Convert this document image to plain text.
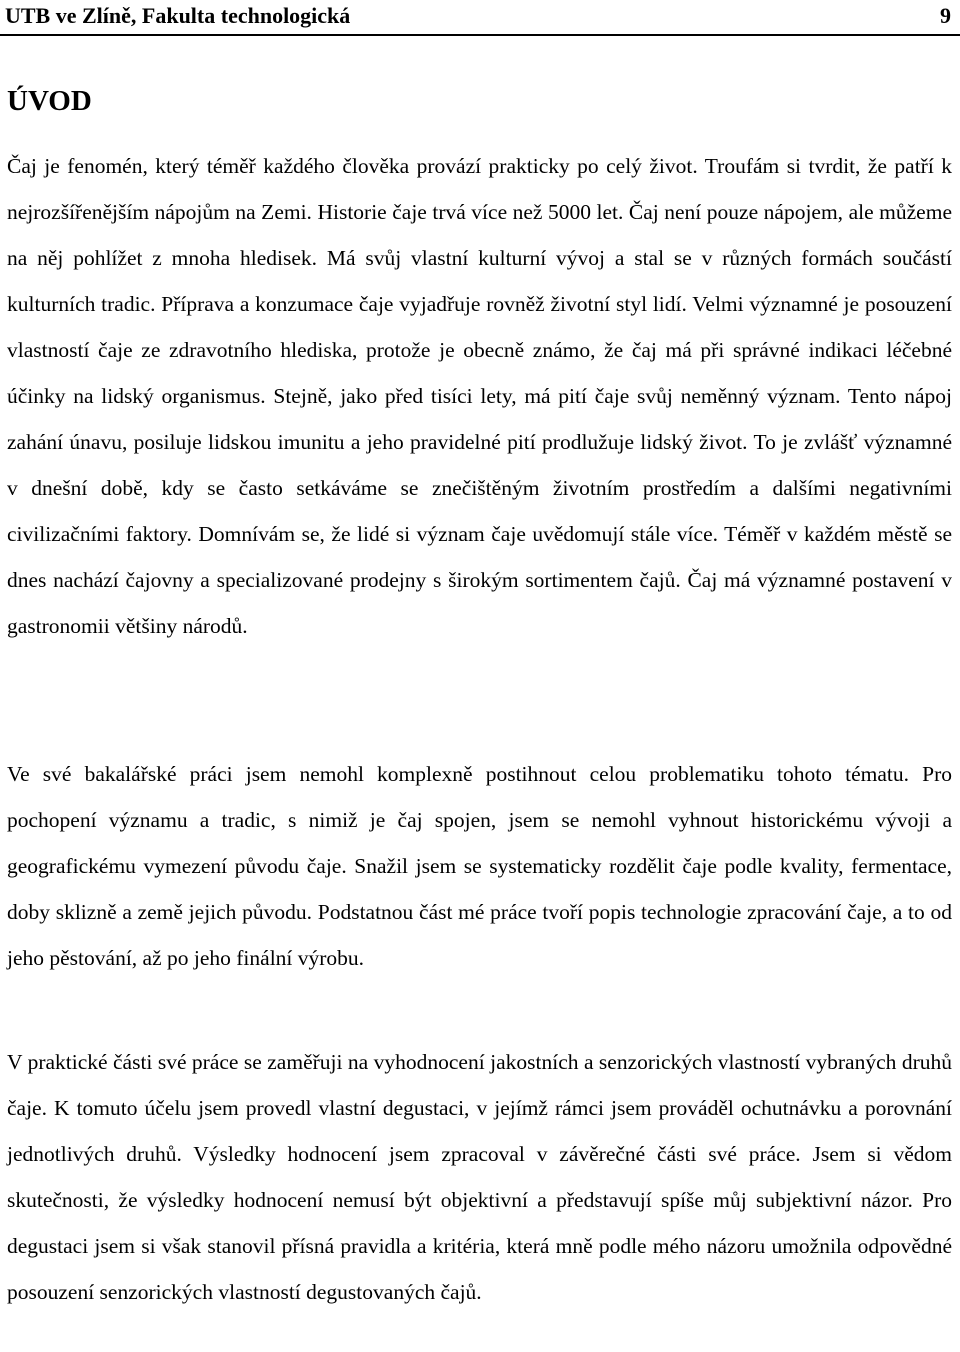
UTB ve Zlíně, Fakulta technologická	9
ÚVOD

Čaj je fenomén, který téměř každého člověka provází prakticky po celý život. Troufám si tvrdit, že patří k nejrozšířenějším nápojům na Zemi. Historie čaje trvá více než 5000 let. Čaj není pouze nápojem, ale můžeme na něj pohlížet z mnoha hledisek. Má svůj vlastní kulturní vývoj a stal se v různých formách součástí kulturních tradic. Příprava a konzumace čaje vyjadřuje rovněž životní styl lidí. Velmi významné je posouzení vlastností čaje ze zdravotního hlediska, protože je obecně známo, že čaj má při správné indikaci léčebné účinky na lidský organismus. Stejně, jako před tisíci lety, má pití čaje svůj neměnný význam. Tento nápoj zahání únavu, posiluje lidskou imunitu a jeho pravidelné pití prodlužuje lidský život. To je zvlášť významné v dnešní době, kdy se často setkáváme se znečištěným životním prostředím a dalšími negativními civilizačními faktory. Domnívám se, že lidé si význam čaje uvědomují stále více. Téměř v každém městě se dnes nachází čajovny a specializované prodejny s širokým sortimentem čajů. Čaj má významné postavení v gastronomii většiny národů.

Ve své bakalářské práci jsem nemohl komplexně postihnout celou problematiku tohoto tématu. Pro pochopení významu a tradic, s nimiž je čaj spojen, jsem se nemohl vyhnout historickému vývoji a geografickému vymezení původu čaje. Snažil jsem se systematicky rozdělit čaje podle kvality, fermentace, doby sklizně a země jejich původu. Podstatnou část mé práce tvoří popis technologie zpracování čaje, a to od jeho pěstování, až po jeho finální výrobu.

V praktické části své práce se zaměřuji na vyhodnocení jakostních a senzorických vlastností vybraných druhů čaje. K tomuto účelu jsem provedl vlastní degustaci, v jejímž rámci jsem prováděl ochutnávku a porovnání jednotlivých druhů. Výsledky hodnocení jsem zpracoval v závěrečné části své práce. Jsem si vědom skutečnosti, že výsledky hodnocení nemusí být objektivní a představují spíše můj subjektivní názor. Pro degustaci jsem si však stanovil přísná pravidla a kritéria, která mně podle mého názoru umožnila odpovědné posouzení senzorických vlastností degustovaných čajů.
